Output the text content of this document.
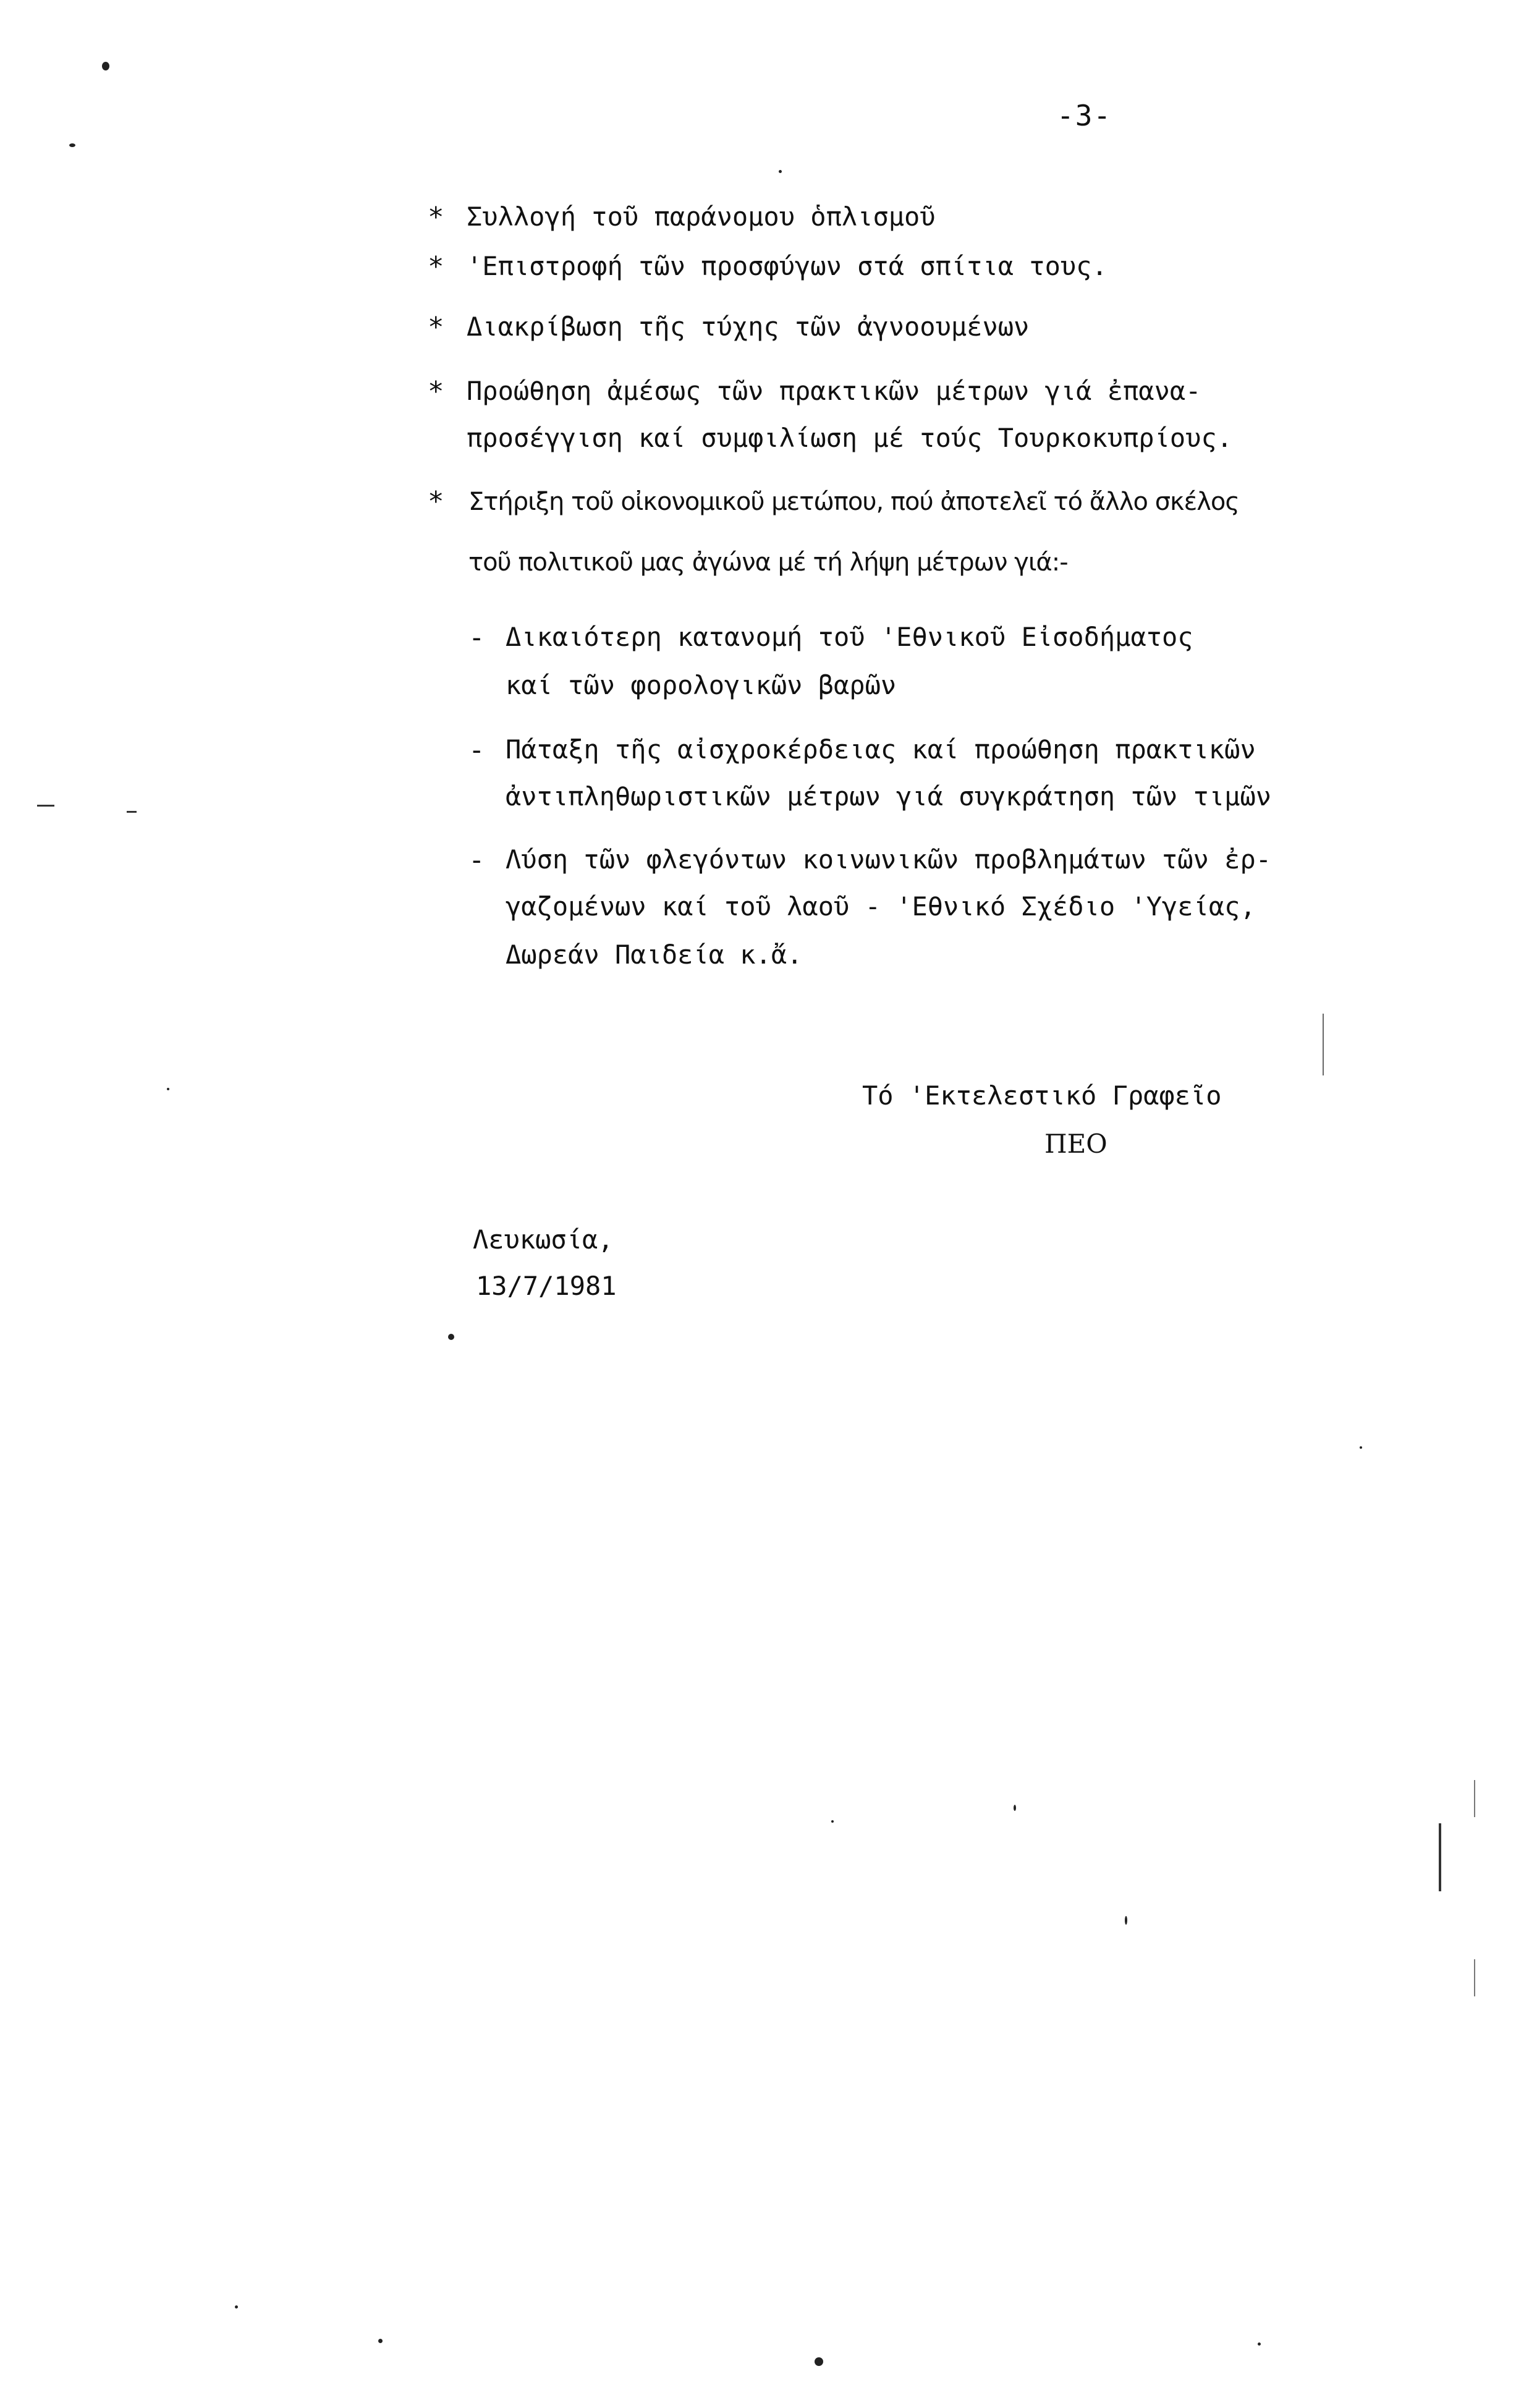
-3-
* Συλλογή τοῦ παράνομου ὁπλισμοῦ
* 'Επιστροφή τῶν προσφύγων στά σπίτια τους.
* Διακρίβωση τῆς τύχης τῶν ἀγνοουμένων
* Προώθηση ἀμέσως τῶν πρακτικῶν μέτρων γιά ἐπανα-
προσέγγιση καί συμφιλίωση μέ τούς Τουρκοκυπρίους.
* Στήριξη τοῦ οἰκονομικοῦ μετώπου, πού ἀποτελεῖ τό ἄλλο σκέλος
τοῦ πολιτικοῦ μας ἀγώνα μέ τή λήψη μέτρων γιά:-
- Δικαιότερη κατανομή τοῦ 'Εθνικοῦ Εἰσοδήματος
καί τῶν φορολογικῶν βαρῶν
- Πάταξη τῆς αἰσχροκέρδειας καί προώθηση πρακτικῶν
ἀντιπληθωριστικῶν μέτρων γιά συγκράτηση τῶν τιμῶν
- Λύση τῶν φλεγόντων κοινωνικῶν προβλημάτων τῶν ἐρ-
γαζομένων καί τοῦ λαοῦ - 'Εθνικό Σχέδιο 'Υγείας,
Δωρεάν Παιδεία κ.ἄ.
Τό 'Εκτελεστικό Γραφεῖο
ΠΕΟ
Λευκωσία,
13/7/1981
